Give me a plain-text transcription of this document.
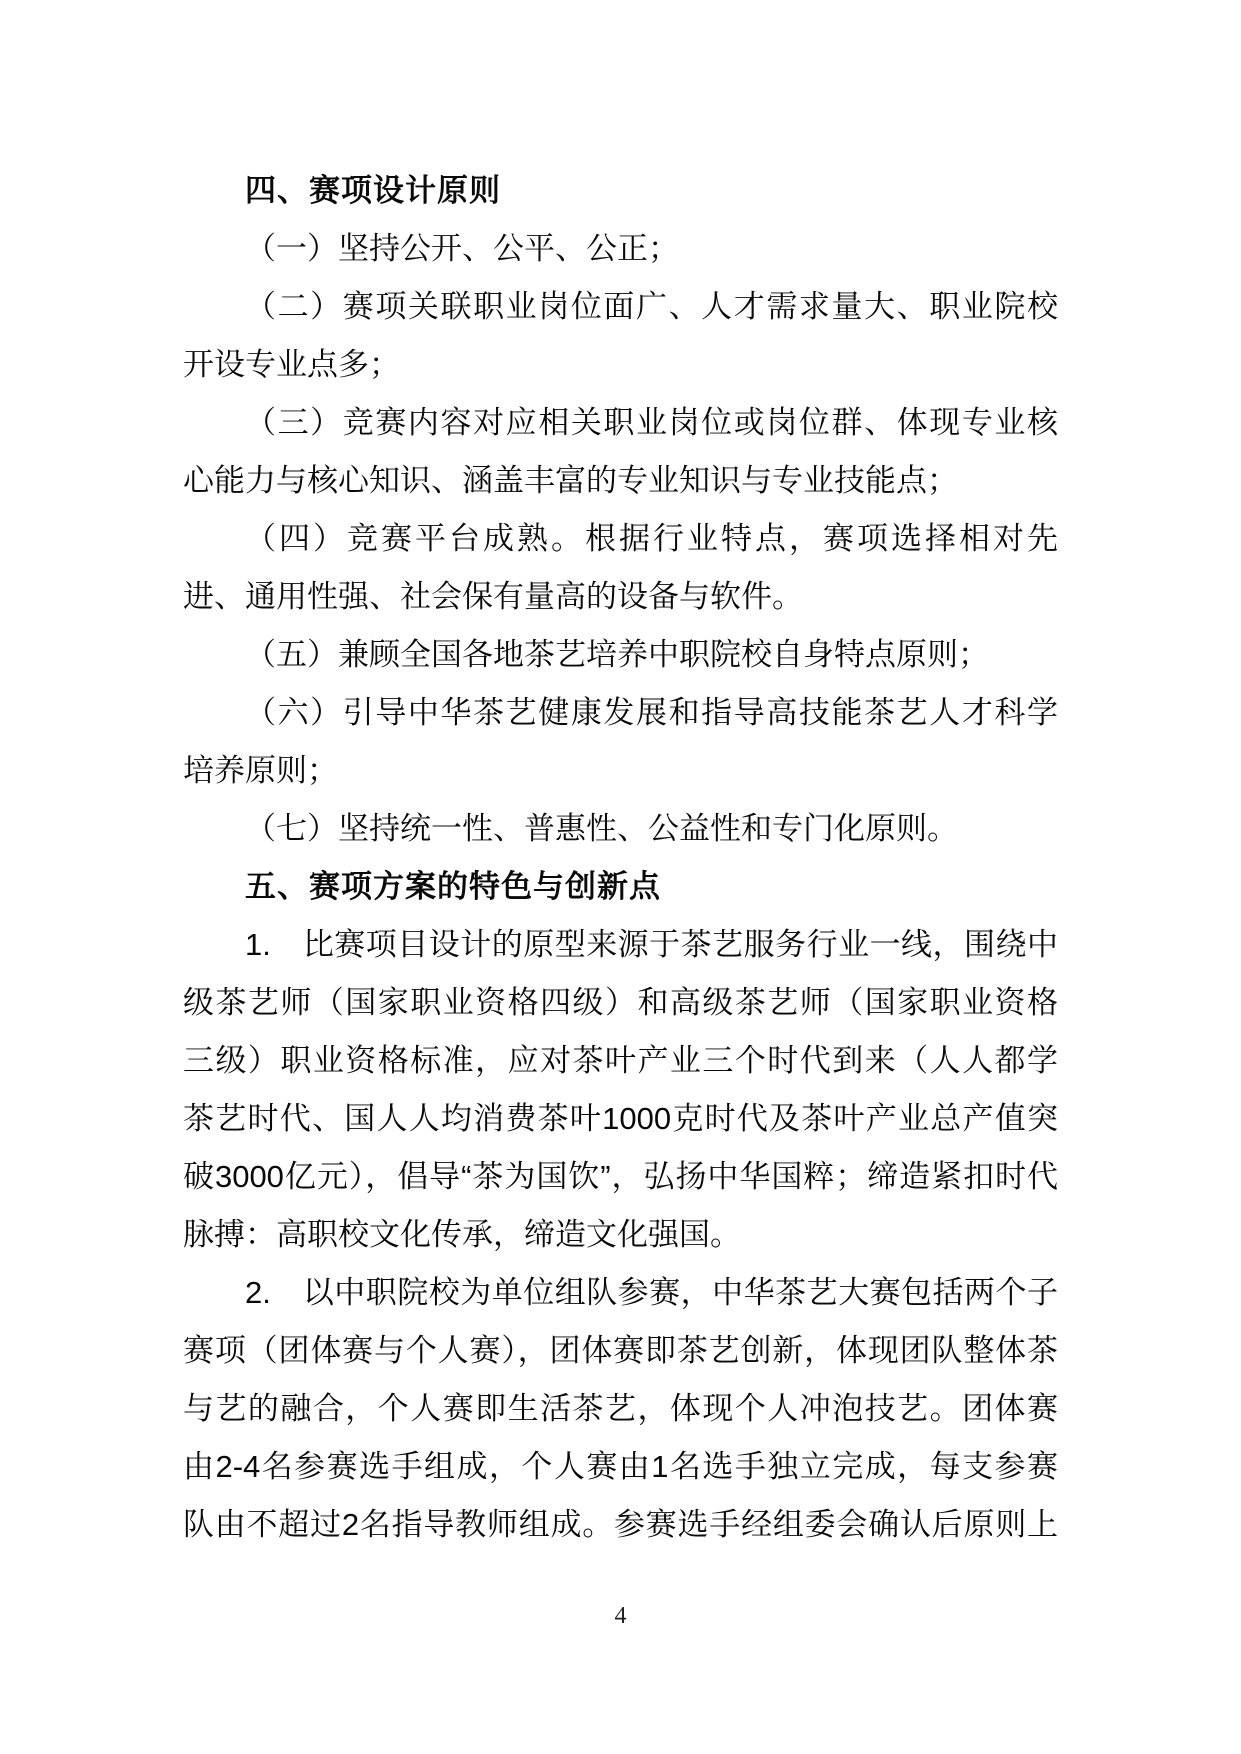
四、赛项设计原则
（一）坚持公开、公平、公正；
（二）赛项关联职业岗位面广、人才需求量大、职业院校
开设专业点多；
（三）竞赛内容对应相关职业岗位或岗位群、体现专业核
心能力与核心知识、涵盖丰富的专业知识与专业技能点；
（四）竞赛平台成熟。根据行业特点，赛项选择相对先
进、通用性强、社会保有量高的设备与软件。
（五）兼顾全国各地茶艺培养中职院校自身特点原则；
（六）引导中华茶艺健康发展和指导高技能茶艺人才科学
培养原则；
（七）坚持统一性、普惠性、公益性和专门化原则。
五、赛项方案的特色与创新点
1.　比赛项目设计的原型来源于茶艺服务行业一线，围绕中
级茶艺师（国家职业资格四级）和高级茶艺师（国家职业资格
三级）职业资格标准，应对茶叶产业三个时代到来（人人都学
茶艺时代、国人人均消费茶叶1000克时代及茶叶产业总产值突
破3000亿元），倡导“茶为国饮”，弘扬中华国粹；缔造紧扣时代
脉搏：高职校文化传承，缔造文化强国。
2.　以中职院校为单位组队参赛，中华茶艺大赛包括两个子
赛项（团体赛与个人赛），团体赛即茶艺创新，体现团队整体茶
与艺的融合，个人赛即生活茶艺，体现个人冲泡技艺。团体赛
由2-4名参赛选手组成，个人赛由1名选手独立完成，每支参赛
队由不超过2名指导教师组成。参赛选手经组委会确认后原则上
4
